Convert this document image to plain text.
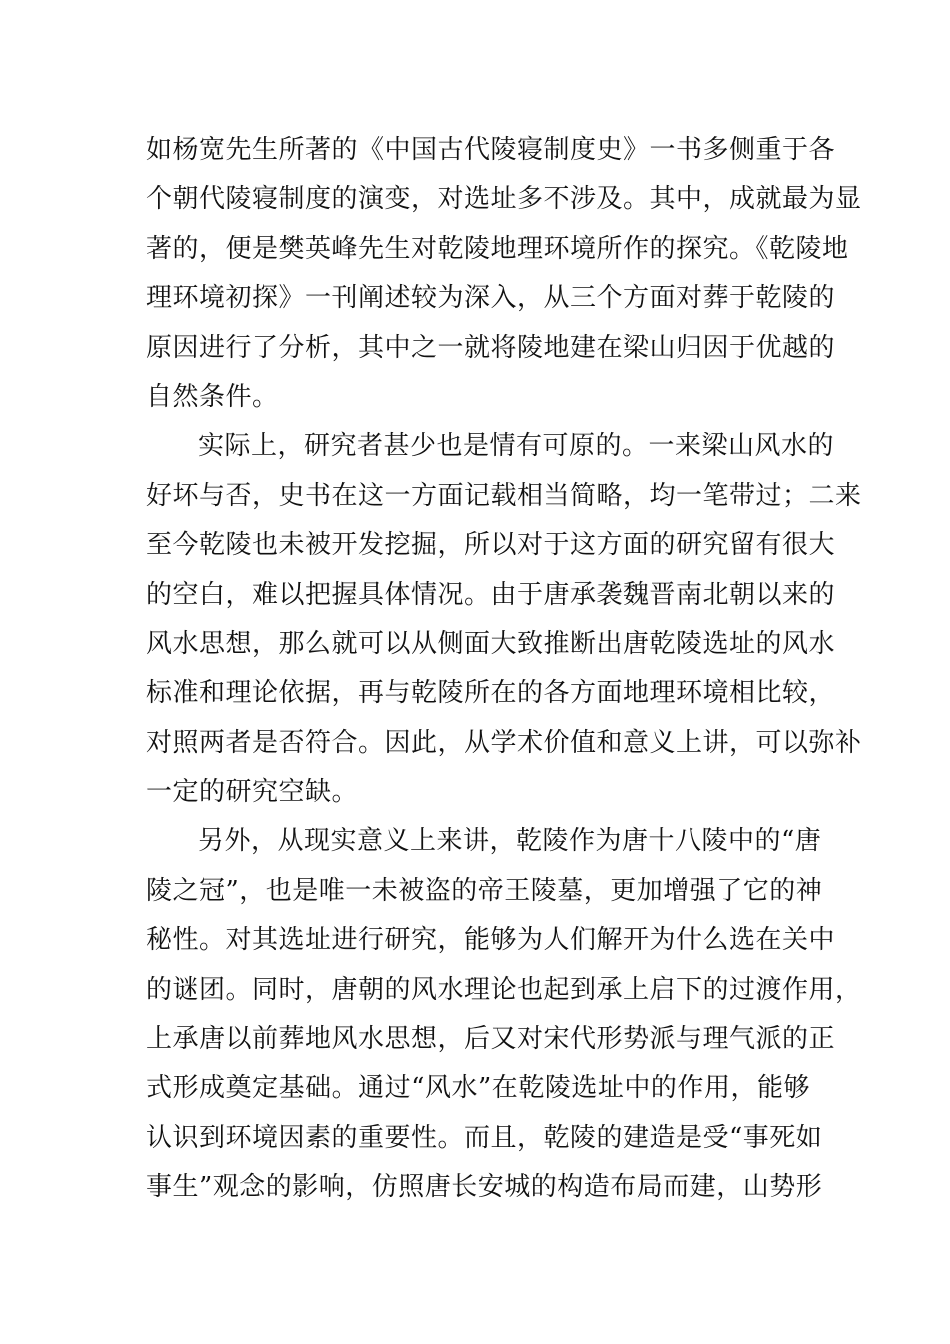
如杨宽先生所著的《中国古代陵寝制度史》一书多侧重于各
个朝代陵寝制度的演变，对选址多不涉及。其中，成就最为显
著的，便是樊英峰先生对乾陵地理环境所作的探究。《乾陵地
理环境初探》一刊阐述较为深入，从三个方面对葬于乾陵的
原因进行了分析，其中之一就将陵地建在梁山归因于优越的
自然条件。
实际上，研究者甚少也是情有可原的。一来梁山风水的
好坏与否，史书在这一方面记载相当简略，均一笔带过；二来
至今乾陵也未被开发挖掘，所以对于这方面的研究留有很大
的空白，难以把握具体情况。由于唐承袭魏晋南北朝以来的
风水思想，那么就可以从侧面大致推断出唐乾陵选址的风水
标准和理论依据，再与乾陵所在的各方面地理环境相比较，
对照两者是否符合。因此，从学术价值和意义上讲，可以弥补
一定的研究空缺。
另外，从现实意义上来讲，乾陵作为唐十八陵中的“唐
陵之冠”，也是唯一未被盗的帝王陵墓，更加增强了它的神
秘性。对其选址进行研究，能够为人们解开为什么选在关中
的谜团。同时，唐朝的风水理论也起到承上启下的过渡作用，
上承唐以前葬地风水思想，后又对宋代形势派与理气派的正
式形成奠定基础。通过“风水”在乾陵选址中的作用，能够
认识到环境因素的重要性。而且，乾陵的建造是受“事死如
事生”观念的影响，仿照唐长安城的构造布局而建，山势形
